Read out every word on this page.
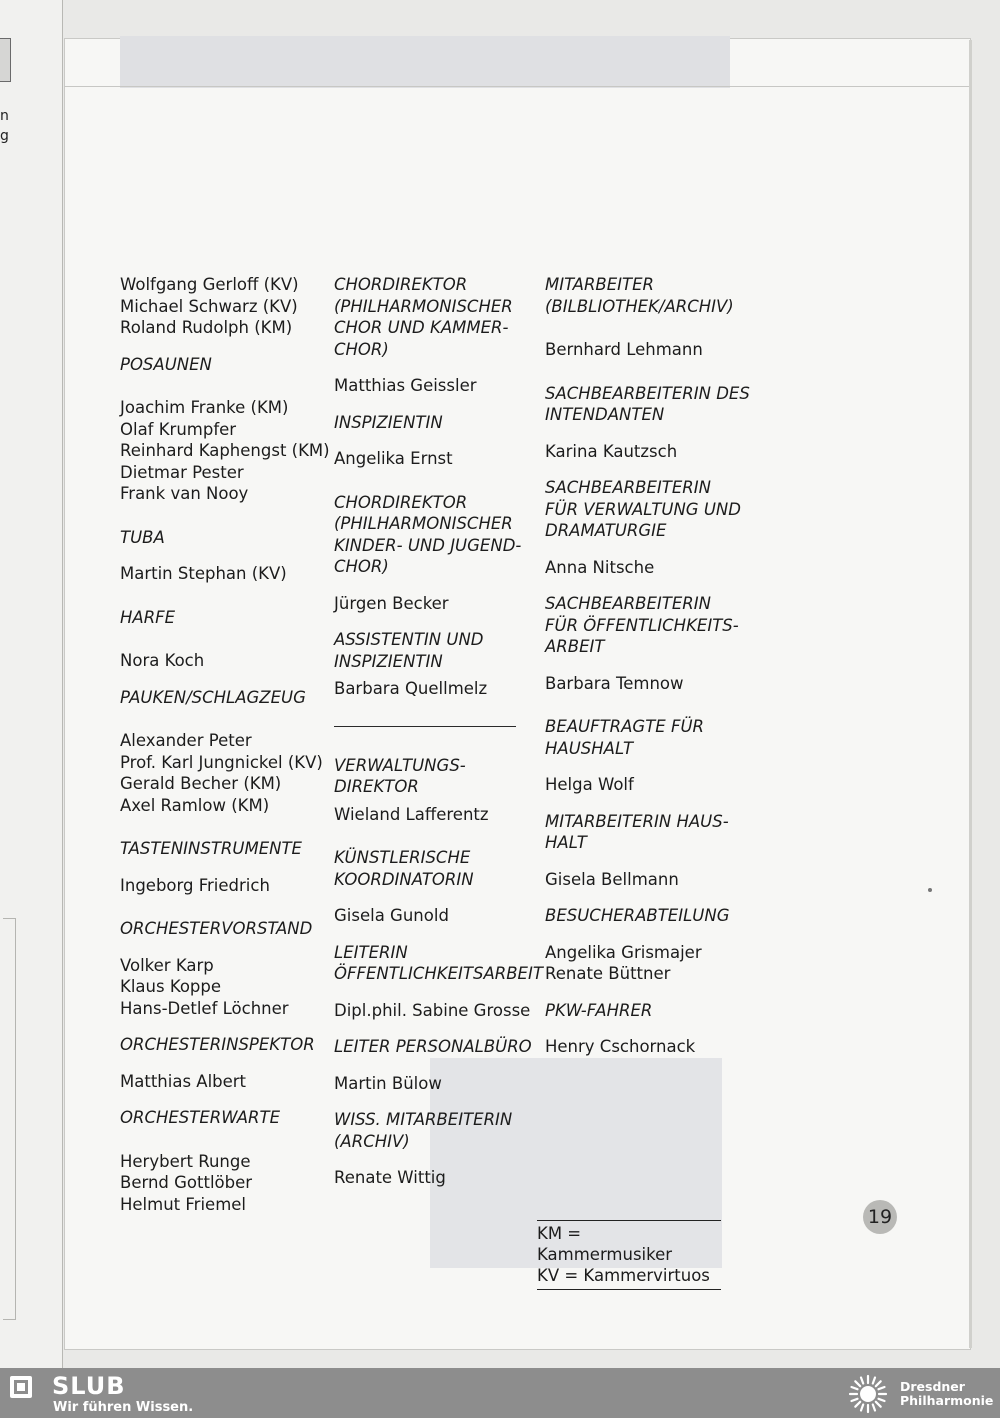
n
g

Wolfgang Gerloff (KV)

Michael Schwarz (KV)

Roland Rudolph (KM)

POSAUNEN

Joachim Franke (KM)

Olaf Krumpfer

Reinhard Kaphengst (KM)

Dietmar Pester

Frank van Nooy

TUBA

Martin Stephan (KV)

HARFE

Nora Koch

PAUKEN/SCHLAGZEUG

Alexander Peter

Prof. Karl Jungnickel (KV)

Gerald Becher (KM)

Axel Ramlow (KM)

TASTENINSTRUMENTE

Ingeborg Friedrich

ORCHESTERVORSTAND

Volker Karp

Klaus Koppe

Hans-Detlef Löchner

ORCHESTERINSPEKTOR

Matthias Albert

ORCHESTERWARTE

Herybert Runge

Bernd Gottlöber

Helmut Friemel

CHORDIREKTOR

(PHILHARMONISCHER

CHOR UND KAMMER-

CHOR)

Matthias Geissler

INSPIZIENTIN

Angelika Ernst

CHORDIREKTOR

(PHILHARMONISCHER

KINDER- UND JUGEND-

CHOR)

Jürgen Becker

ASSISTENTIN UND

INSPIZIENTIN

Barbara Quellmelz

VERWALTUNGS-

DIREKTOR

Wieland Lafferentz

KÜNSTLERISCHE

KOORDINATORIN

Gisela Gunold

LEITERIN

ÖFFENTLICHKEITSARBEIT

Dipl.phil. Sabine Grosse

LEITER PERSONALBÜRO

Martin Bülow

WISS. MITARBEITERIN

(ARCHIV)

Renate Wittig

MITARBEITER

(BILBLIOTHEK/ARCHIV)

Bernhard Lehmann

SACHBEARBEITERIN DES

INTENDANTEN

Karina Kautzsch

SACHBEARBEITERIN

FÜR VERWALTUNG UND

DRAMATURGIE

Anna Nitsche

SACHBEARBEITERIN

FÜR ÖFFENTLICHKEITS-

ARBEIT

Barbara Temnow

BEAUFTRAGTE FÜR

HAUSHALT

Helga Wolf

MITARBEITERIN HAUS-

HALT

Gisela Bellmann

BESUCHERABTEILUNG

Angelika Grismajer

Renate Büttner

PKW-FAHRER

Henry Cschornack

KM = Kammermusiker

KV = Kammervirtuos

19
SLUB
Wir führen Wissen.
Dresdner
Philharmonie
